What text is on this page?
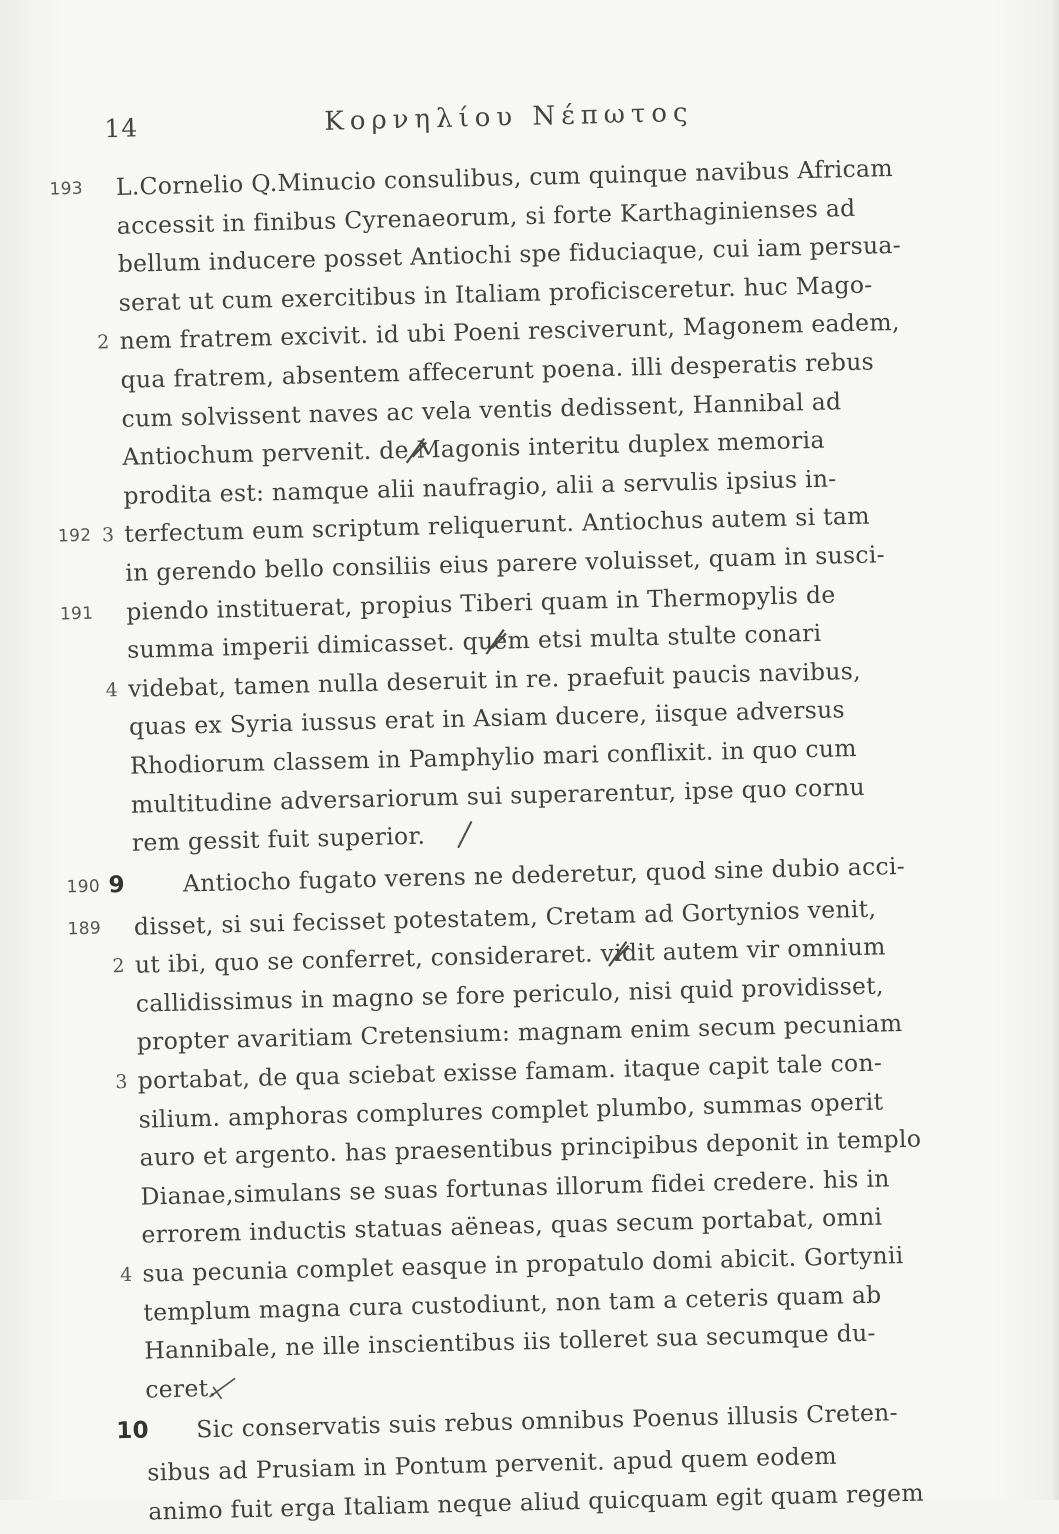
14	Κορνηλίου Νέπωτος
193 L.Cornelio Q.Minucio consulibus, cum quinque navibus Africam
accessit in finibus Cyrenaeorum, si forte Karthaginienses ad
bellum inducere posset Antiochi spe fiduciaque, cui iam persua-
serat ut cum exercitibus in Italiam proficisceretur. huc Mago-
2 nem fratrem excivit. id ubi Poeni resciverunt, Magonem eadem,
qua fratrem, absentem affecerunt poena. illi desperatis rebus
cum solvissent naves ac vela ventis dedissent, Hannibal ad
Antiochum pervenit. de Magonis interitu duplex memoria
prodita est: namque alii naufragio, alii a servulis ipsius in-
192 3 terfectum eum scriptum reliquerunt. Antiochus autem si tam
in gerendo bello consiliis eius parere voluisset, quam in susci-
191 piendo instituerat, propius Tiberi quam in Thermopylis de
summa imperii dimicasset. quem etsi multa stulte conari
4 videbat, tamen nulla deseruit in re. praefuit paucis navibus,
quas ex Syria iussus erat in Asiam ducere, iisque adversus
Rhodiorum classem in Pamphylio mari conflixit. in quo cum
multitudine adversariorum sui superarentur, ipse quo cornu
rem gessit fuit superior.
190 9 Antiocho fugato verens ne dederetur, quod sine dubio acci-
189 disset, si sui fecisset potestatem, Cretam ad Gortynios venit,
2 ut ibi, quo se conferret, consideraret. vidit autem vir omnium
callidissimus in magno se fore periculo, nisi quid providisset,
propter avaritiam Cretensium: magnam enim secum pecuniam
3 portabat, de qua sciebat exisse famam. itaque capit tale con-
silium. amphoras complures complet plumbo, summas operit
auro et argento. has praesentibus principibus deponit in templo
Dianae,simulans se suas fortunas illorum fidei credere. his in
errorem inductis statuas aëneas, quas secum portabat, omni
4 sua pecunia complet easque in propatulo domi abicit. Gortynii
templum magna cura custodiunt, non tam a ceteris quam ab
Hannibale, ne ille inscientibus iis tolleret sua secumque du-
ceret.
10 Sic conservatis suis rebus omnibus Poenus illusis Creten-
sibus ad Prusiam in Pontum pervenit. apud quem eodem
animo fuit erga Italiam neque aliud quicquam egit quam regem
